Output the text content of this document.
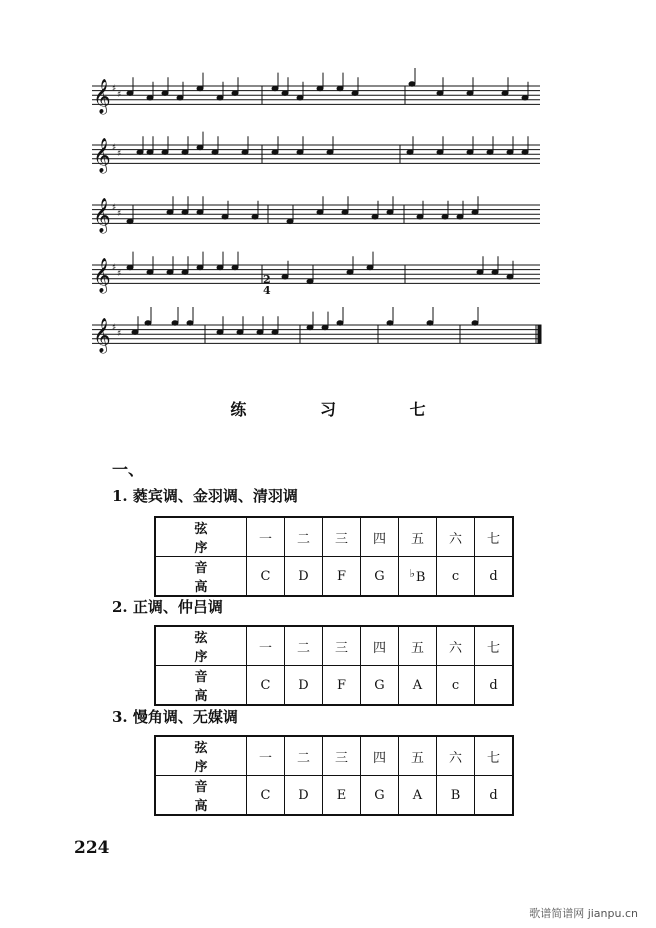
𝄞 ♯
♯
𝄞 ♯
♯
𝄞 ♯
♯
𝄞 ♯
♯
𝄞 ♯
♯
2
4
练 习 七
一、
1. 蕤宾调、金羽调、清羽调
弦 序	一	二	三	四	五	六	七
音 高	C	D	F	G	♭B	c	d
2. 正调、仲吕调
弦 序	一	二	三	四	五	六	七
音 高	C	D	F	G	A	c	d
3. 慢角调、无媒调
弦 序	一	二	三	四	五	六	七
音 高	C	D	E	G	A	B	d
224
歌谱简谱网 jianpu.cn
